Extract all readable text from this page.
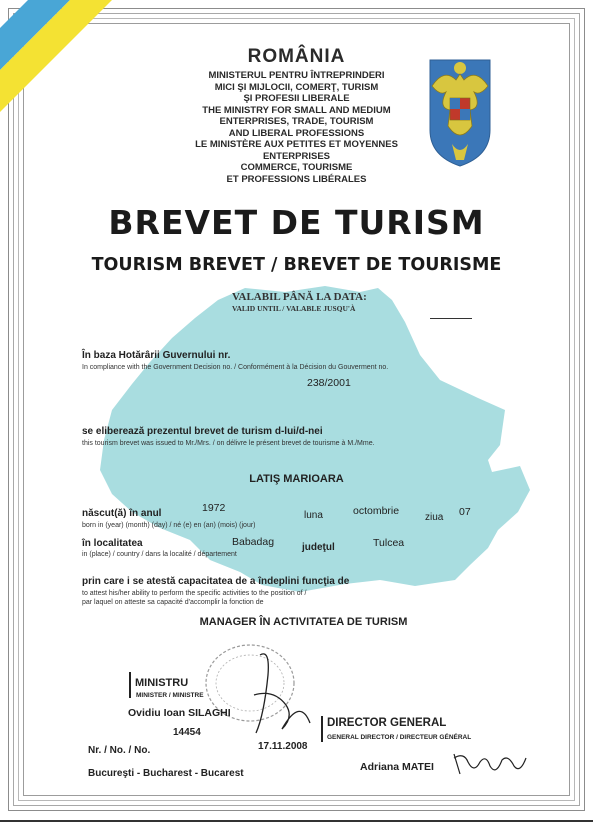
ROMÂNIA
MINISTERUL PENTRU ÎNTREPRINDERI
MICI ŞI MIJLOCII, COMERŢ, TURISM
ŞI PROFESII LIBERALE
THE MINISTRY FOR SMALL AND MEDIUM
ENTERPRISES, TRADE, TOURISM
AND LIBERAL PROFESSIONS
LE MINISTÈRE AUX PETITES ET MOYENNES
ENTERPRISES
COMMERCE, TOURISME
ET PROFESSIONS LIBÉRALES
BREVET DE TURISM
TOURISM BREVET / BREVET DE TOURISME
VALABIL PÂNĂ LA DATA:
VALID UNTIL / VALABLE JUSQU'À
În baza Hotărârii Guvernului nr.
In compliance with the Government Decision no. / Conformément à la Décision du Gouverment no.
238/2001
se eliberează prezentul brevet de turism d-lui/d-nei
this tourism brevet was issued to Mr./Mrs. / on délivre le présent brevet de tourisme à M./Mme.
LATIŞ MARIOARA
născut(ă) în anul	1972
luna	octombrie
ziua 07
born in (year) (month) (day) / né (e) en (an) (mois) (jour)
în localitatea	Babadag	judeţul	Tulcea
in (place) / country / dans la localité / département
prin care i se atestă capacitatea de a îndeplini funcţia de
to attest his/her ability to perform the specific activities to the position of /
par laquel on atteste sa capacité d'accomplir la fonction de
MANAGER ÎN ACTIVITATEA DE TURISM
MINISTRU
MINISTER / MINISTRE
Ovidiu Ioan SILAGHI
DIRECTOR GENERAL
GENERAL DIRECTOR / DIRECTEUR GÉNÉRAL
Adriana MATEI
14454
Nr. / No. / No.	17.11.2008
Bucureşti - Bucharest - Bucarest
